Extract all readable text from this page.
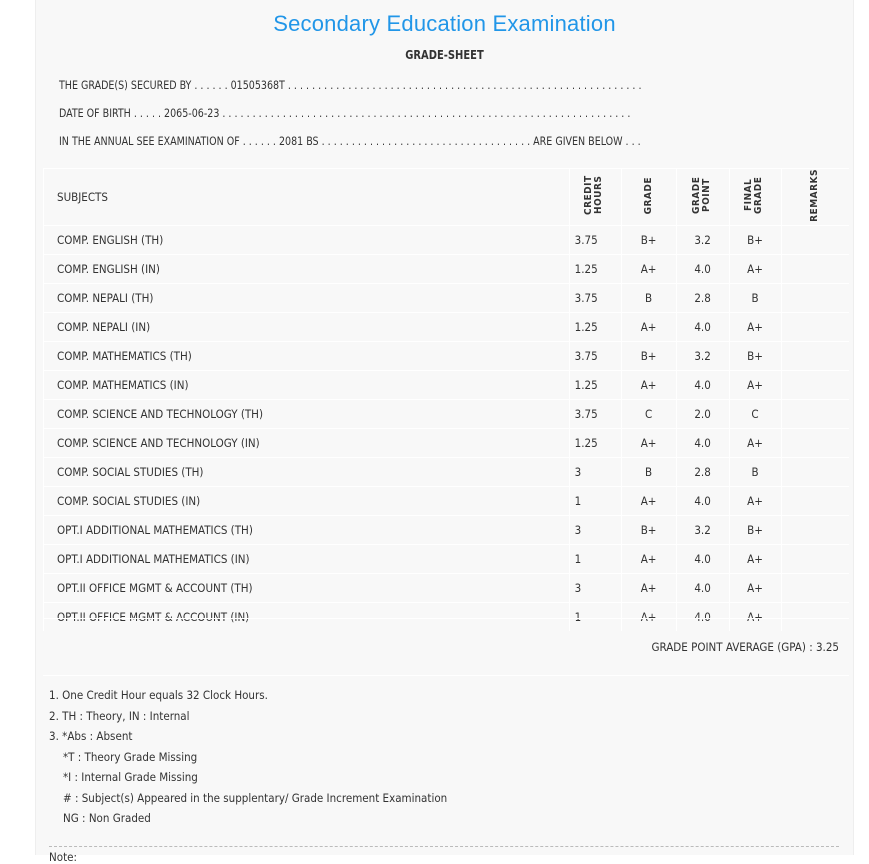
Secondary Education Examination
GRADE-SHEET
THE GRADE(S) SECURED BY . . . . . . 01505368T . . . . . . . . . . . . . . . . . . . . . . . . . . . . . . . . . . . . . . . . . . . . . . . . . . . . . . . . . . .
DATE OF BIRTH . . . . . 2065-06-23 . . . . . . . . . . . . . . . . . . . . . . . . . . . . . . . . . . . . . . . . . . . . . . . . . . . . . . . . . . . . . . . . . . . .
IN THE ANNUAL SEE EXAMINATION OF . . . . . . 2081 BS . . . . . . . . . . . . . . . . . . . . . . . . . . . . . . . . . . . ARE GIVEN BELOW . . .
SUBJECTS	CREDIT HOURS	GRADE	GRADE POINT	FINAL GRADE	REMARKS
COMP. ENGLISH (TH)	3.75	B+	3.2	B+	
COMP. ENGLISH (IN)	1.25	A+	4.0	A+	
COMP. NEPALI (TH)	3.75	B	2.8	B	
COMP. NEPALI (IN)	1.25	A+	4.0	A+	
COMP. MATHEMATICS (TH)	3.75	B+	3.2	B+	
COMP. MATHEMATICS (IN)	1.25	A+	4.0	A+	
COMP. SCIENCE AND TECHNOLOGY (TH)	3.75	C	2.0	C	
COMP. SCIENCE AND TECHNOLOGY (IN)	1.25	A+	4.0	A+	
COMP. SOCIAL STUDIES (TH)	3	B	2.8	B	
COMP. SOCIAL STUDIES (IN)	1	A+	4.0	A+	
OPT.I ADDITIONAL MATHEMATICS (TH)	3	B+	3.2	B+	
OPT.I ADDITIONAL MATHEMATICS (IN)	1	A+	4.0	A+	
OPT.II OFFICE MGMT & ACCOUNT (TH)	3	A+	4.0	A+	
OPT.II OFFICE MGMT & ACCOUNT (IN)	1	A+	4.0	A+	
GRADE POINT AVERAGE (GPA) : 3.25
1. One Credit Hour equals 32 Clock Hours.
2. TH : Theory, IN : Internal
3. *Abs : Absent
*T : Theory Grade Missing
*I : Internal Grade Missing
# : Subject(s) Appeared in the supplentary/ Grade Increment Examination
NG : Non Graded
Note:
